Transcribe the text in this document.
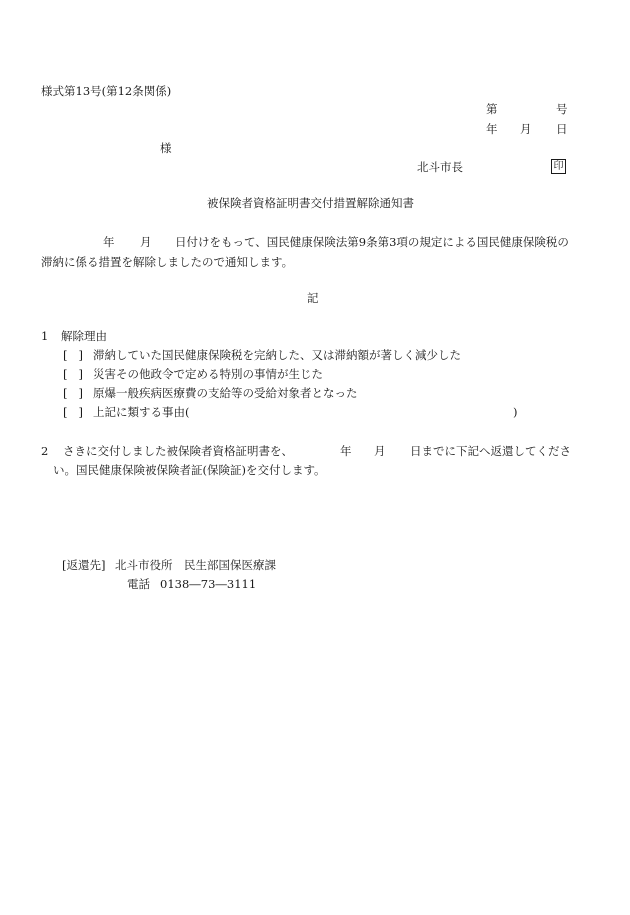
様式第13号(第12条関係)
第	号
年 月 日
様
北斗市長	印
被保険者資格証明書交付措置解除通知書
年 月 日付けをもって、国民健康保険法第9条第3項の規定による国民健康保険税の
滞納に係る措置を解除しましたので通知します。
記
1 解除理由
[ ] 滞納していた国民健康保険税を完納した、又は滞納額が著しく減少した
[ ] 災害その他政令で定める特別の事情が生じた
[ ] 原爆一般疾病医療費の支給等の受給対象者となった
[ ] 上記に類する事由(	)
2 さきに交付しました被保険者資格証明書を、	年 月 日までに下記へ返還してくださ
い。国民健康保険被保険者証(保険証)を交付します。
[返還先] 北斗市役所　民生部国保医療課
電話 0138―73―3111
